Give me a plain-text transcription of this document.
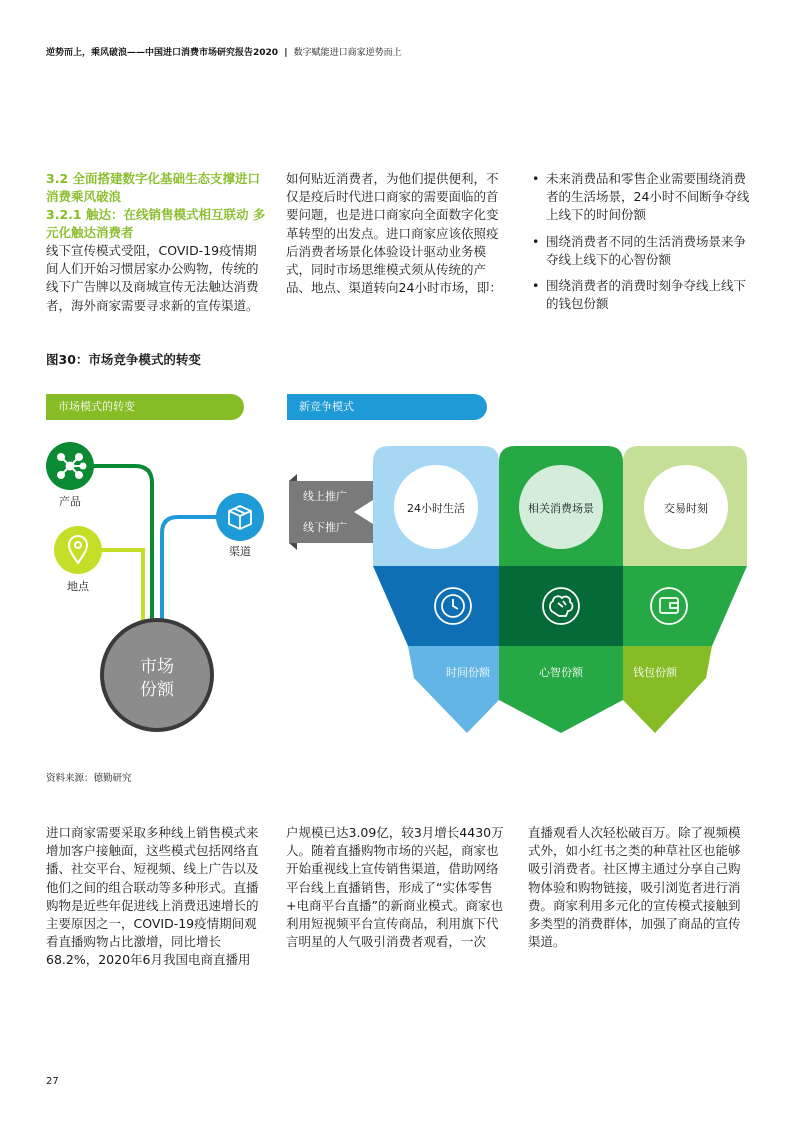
逆势而上，乘风破浪——中国进口消费市场研究报告2020 | 数字赋能进口商家逆势而上
3.2 全面搭建数字化基础生态支撑进口消费乘风破浪
3.2.1 触达：在线销售模式相互联动 多元化触达消费者
线下宣传模式受阻，COVID-19疫情期间人们开始习惯居家办公购物，传统的线下广告牌以及商城宣传无法触达消费者，海外商家需要寻求新的宣传渠道。
如何贴近消费者，为他们提供便利，不仅是疫后时代进口商家的需要面临的首要问题，也是进口商家向全面数字化变革转型的出发点。进口商家应该依照疫后消费者场景化体验设计驱动业务模式，同时市场思维模式须从传统的产品、地点、渠道转向24小时市场，即：
• 未来消费品和零售企业需要围绕消费者的生活场景，24小时不间断争夺线上线下的时间份额
• 围绕消费者不同的生活消费场景来争夺线上线下的心智份额
• 围绕消费者的消费时刻争夺线上线下的钱包份额
图30：市场竞争模式的转变
市场模式的转变	新竞争模式
产品
地点
渠道
市场
份额
线上推广
线下推广
24小时生活
时间份额
相关消费场景
心智份额
交易时刻
钱包份额
资料来源：德勤研究
进口商家需要采取多种线上销售模式来增加客户接触面，这些模式包括网络直播、社交平台、短视频、线上广告以及他们之间的组合联动等多种形式。直播购物是近些年促进线上消费迅速增长的主要原因之一，COVID-19疫情期间观看直播购物占比激增，同比增长68.2%，2020年6月我国电商直播用
户规模已达3.09亿，较3月增长4430万人。随着直播购物市场的兴起，商家也开始重视线上宣传销售渠道，借助网络平台线上直播销售，形成了“实体零售+电商平台直播”的新商业模式。商家也利用短视频平台宣传商品，利用旗下代言明星的人气吸引消费者观看，一次
直播观看人次轻松破百万。除了视频模式外，如小红书之类的种草社区也能够吸引消费者。社区博主通过分享自己购物体验和购物链接，吸引浏览者进行消费。商家利用多元化的宣传模式接触到多类型的消费群体，加强了商品的宣传渠道。
27
